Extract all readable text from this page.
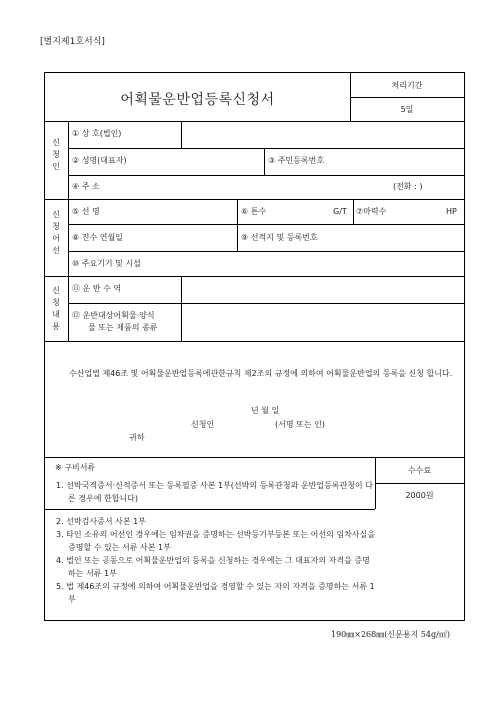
[별지제1호서식]
어획물운반업등록신청서
처리기간
5일
신청인
신청어선
신청내용
① 상 호(법인)
② 성명(대표자)	③ 주민등록번호
④ 주 소	(전화 : )
⑤ 선 명	⑥ 톤수	G/T ⑦마력수	HP
⑧ 진수 연월일	⑨ 선적지 및 등록번호
⑩ 주요기기 및 시설
⑪ 운 반 수 역
⑫ 운반대상어획물·양식
물 또는 제품의 종류
수산업법 제46조 및 어획물운반업등록에관한규칙 제2조의 규정에 의하여 어획물운반업의 등록을 신청 합니다.
년 월 일
신청인	(서명 또는 인)
귀하
※ 구비서류	수수료
2000원

1. 선박국적증서·신적증서 또는 등록필증 사본 1부(선박의 등록관청과 운반업등록관청이 다른 경우에 한합니다)

2. 선박검사증서 사본 1부

3. 타인 소유의 어선인 경우에는 임차권을 증명하는 선박등기부등본 또는 어선의 임차사실을 증명할 수 있는 서류 사본 1부

4. 법인 또는 공동으로 어획물운반업의 등록을 신청하는 경우에는 그 대표자의 자격을 증명하는 서류 1부

5. 법 제46조의 규정에 의하여 어획물운반업을 경영할 수 있는 자의 자격을 증명하는 서류 1부

190㎜×268㎜(신문용지 54g/㎡)
